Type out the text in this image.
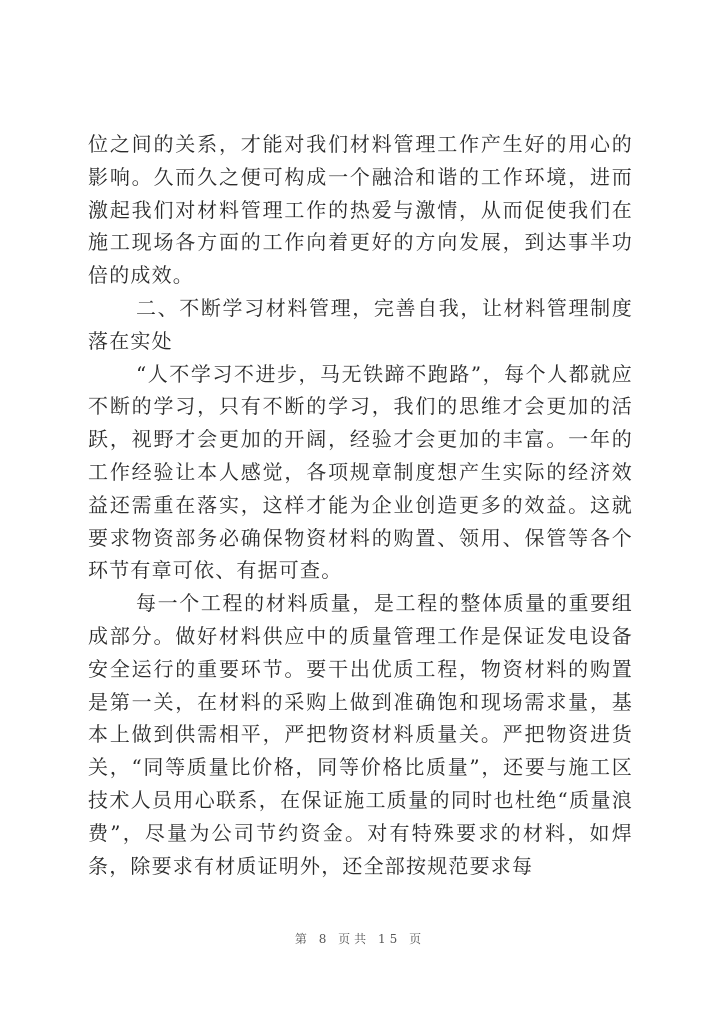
位之间的关系，才能对我们材料管理工作产生好的用心的影响。久而久之便可构成一个融洽和谐的工作环境，进而激起我们对材料管理工作的热爱与激情，从而促使我们在施工现场各方面的工作向着更好的方向发展，到达事半功倍的成效。

二、不断学习材料管理，完善自我，让材料管理制度落在实处

“人不学习不进步，马无铁蹄不跑路”，每个人都就应不断的学习，只有不断的学习，我们的思维才会更加的活跃，视野才会更加的开阔，经验才会更加的丰富。一年的工作经验让本人感觉，各项规章制度想产生实际的经济效益还需重在落实，这样才能为企业创造更多的效益。这就要求物资部务必确保物资材料的购置、领用、保管等各个环节有章可依、有据可查。

每一个工程的材料质量，是工程的整体质量的重要组成部分。做好材料供应中的质量管理工作是保证发电设备安全运行的重要环节。要干出优质工程，物资材料的购置是第一关，在材料的采购上做到准确饱和现场需求量，基本上做到供需相平，严把物资材料质量关。严把物资进货关，“同等质量比价格，同等价格比质量”，还要与施工区技术人员用心联系，在保证施工质量的同时也杜绝“质量浪费”，尽量为公司节约资金。对有特殊要求的材料，如焊条，除要求有材质证明外，还全部按规范要求每

第 8 页共 15 页
